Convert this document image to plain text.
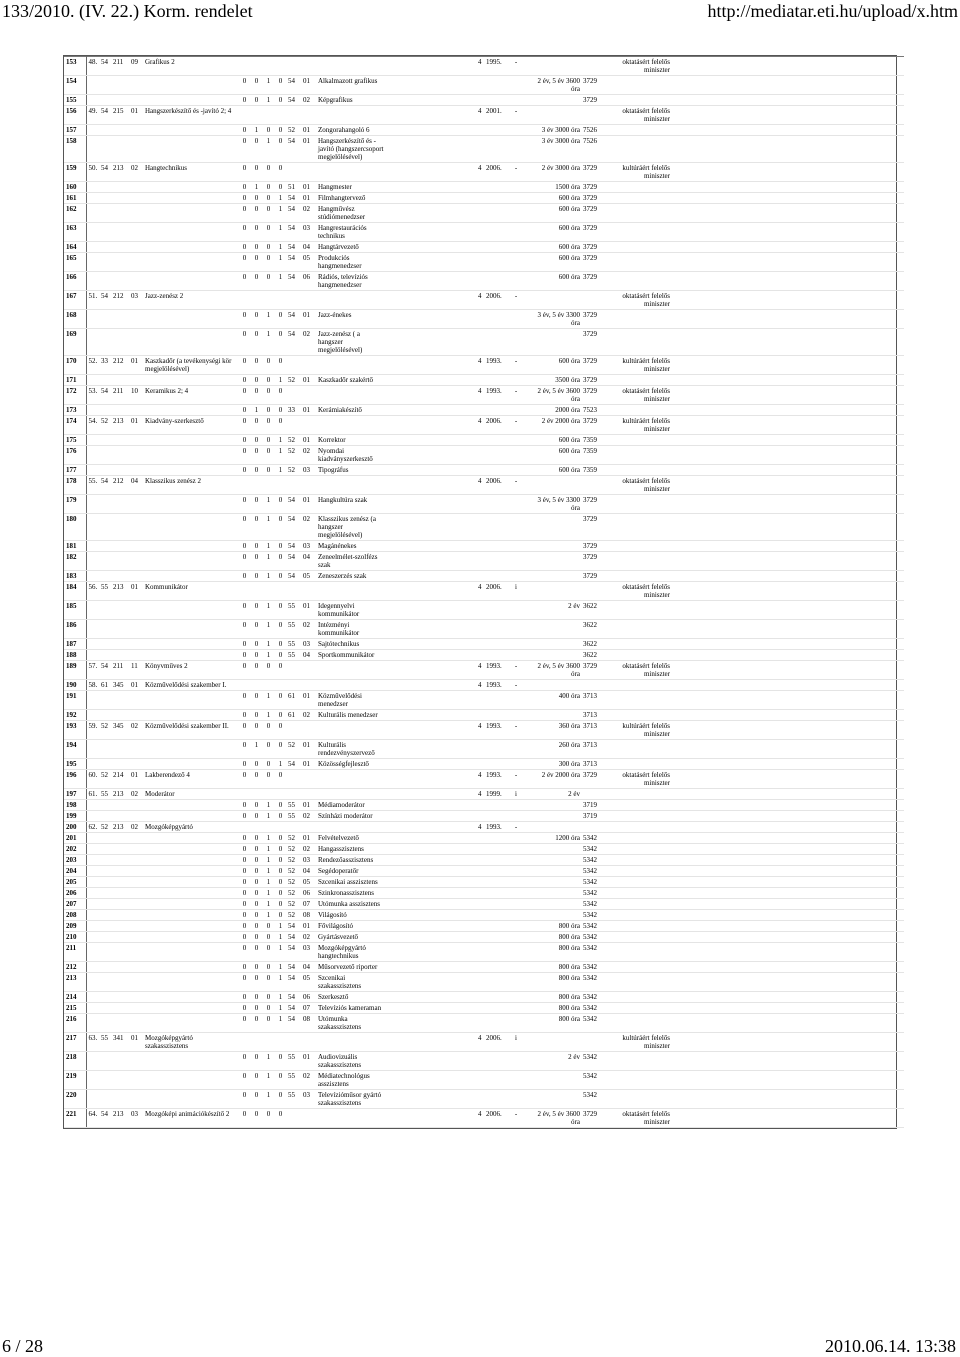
133/2010. (IV. 22.) Korm. rendelet	http://mediatar.eti.hu/upload/x.htm
153	48.	54	211	09	Grafikus 2									4	1995.	-			oktatásért felelős miniszter	
154						0	0	1	0	54	01	Alkalmazott grafikus					2 év, 5 év 3600 óra	3729		
155						0	0	1	0	54	02	Képgrafikus						3729		
156	49.	54	215	01	Hangszerkészítő és -javító 2; 4									4	2001.	-			oktatásért felelős miniszter	
157						0	1	0	0	52	01	Zongorahangoló 6					3 év 3000 óra	7526		
158						0	0	1	0	54	01	Hangszerkészítő és -javító (hangszercsoport megjelölésével)					3 év 3000 óra	7526		
159	50.	54	213	02	Hangtechnikus	0	0	0	0					4	2006.	-	2 év 3000 óra	3729	kultúráért felelős miniszter	
160						0	1	0	0	51	01	Hangmester					1500 óra	3729		
161						0	0	0	1	54	01	Filmhangtervező					600 óra	3729		
162						0	0	0	1	54	02	Hangművész stúdiómenedzser					600 óra	3729		
163						0	0	0	1	54	03	Hangrestaurációs technikus					600 óra	3729		
164						0	0	0	1	54	04	Hangtárvezető					600 óra	3729		
165						0	0	0	1	54	05	Produkciós hangmenedzser					600 óra	3729		
166						0	0	0	1	54	06	Rádiós, televíziós hangmenedzser					600 óra	3729		
167	51.	54	212	03	Jazz-zenész 2									4	2006.	-			oktatásért felelős miniszter	
168						0	0	1	0	54	01	Jazz-énekes					3 év, 5 év 3300 óra	3729		
169						0	0	1	0	54	02	Jazz-zenész ( a hangszer megjelölésével)						3729		
170	52.	33	212	01	Kaszkadőr (a tevékenységi kör megjelölésével)	0	0	0	0					4	1993.	-	600 óra	3729	kultúráért felelős miniszter	
171						0	0	0	1	52	01	Kaszkadőr szakértő					3500 óra	3729		
172	53.	54	211	10	Keramikus 2; 4	0	0	0	0					4	1993.	-	2 év, 5 év 3600 óra	3729	oktatásért felelős miniszter	
173						0	1	0	0	33	01	Kerámiakészítő					2000 óra	7523		
174	54.	52	213	01	Kiadvány-szerkesztő	0	0	0	0					4	2006.	-	2 év 2000 óra	3729	kultúráért felelős miniszter	
175						0	0	0	1	52	01	Korrektor					600 óra	7359		
176						0	0	0	1	52	02	Nyomdai kiadványszerkesztő					600 óra	7359		
177						0	0	0	1	52	03	Tipográfus					600 óra	7359		
178	55.	54	212	04	Klasszikus zenész 2									4	2006.	-			oktatásért felelős miniszter	
179						0	0	1	0	54	01	Hangkultúra szak					3 év, 5 év 3300 óra	3729		
180						0	0	1	0	54	02	Klasszikus zenész (a hangszer megjelölésével)						3729		
181						0	0	1	0	54	03	Magánénekes						3729		
182						0	0	1	0	54	04	Zeneelmélet-szolfézs szak						3729		
183						0	0	1	0	54	05	Zeneszerzés szak						3729		
184	56.	55	213	01	Kommunikátor									4	2006.	i			oktatásért felelős miniszter	
185						0	0	1	0	55	01	Idegennyelvi kommunikátor					2 év	3622		
186						0	0	1	0	55	02	Intézményi kommunikátor						3622		
187						0	0	1	0	55	03	Sajtótechnikus						3622		
188						0	0	1	0	55	04	Sportkommunikátor						3622		
189	57.	54	211	11	Könyvműves 2	0	0	0	0					4	1993.	-	2 év, 5 év 3600 óra	3729	oktatásért felelős miniszter	
190	58.	61	345	01	Közművelődési szakember I.									4	1993.	-				
191						0	0	1	0	61	01	Közművelődési menedzser					400 óra	3713		
192						0	0	1	0	61	02	Kulturális menedzser						3713		
193	59.	52	345	02	Közművelődési szakember II.	0	0	0	0					4	1993.	-	360 óra	3713	kultúráért felelős miniszter	
194						0	1	0	0	52	01	Kulturális rendezvényszervező					260 óra	3713		
195						0	0	0	1	54	01	Közösségfejlesztő					300 óra	3713		
196	60.	52	214	01	Lakberendező 4	0	0	0	0					4	1993.	-	2 év 2000 óra	3729	oktatásért felelős miniszter	
197	61.	55	213	02	Moderátor									4	1999.	i	2 év			
198						0	0	1	0	55	01	Médiamoderátor						3719		
199						0	0	1	0	55	02	Színházi moderátor						3719		
200	62.	52	213	02	Mozgóképgyártó									4	1993.	-				
201						0	0	1	0	52	01	Felvételvezető					1200 óra	5342		
202						0	0	1	0	52	02	Hangasszisztens						5342		
203						0	0	1	0	52	03	Rendezőasszisztens						5342		
204						0	0	1	0	52	04	Segédoperatőr						5342		
205						0	0	1	0	52	05	Szcenikai asszisztens						5342		
206						0	0	1	0	52	06	Szinkronasszisztens						5342		
207						0	0	1	0	52	07	Utómunka asszisztens						5342		
208						0	0	1	0	52	08	Világosító						5342		
209						0	0	0	1	54	01	Fővilágosító					800 óra	5342		
210						0	0	0	1	54	02	Gyártásvezető					800 óra	5342		
211						0	0	0	1	54	03	Mozgóképgyártó hangtechnikus					800 óra	5342		
212						0	0	0	1	54	04	Műsorvezető riporter					800 óra	5342		
213						0	0	0	1	54	05	Szcenikai szakasszisztens					800 óra	5342		
214						0	0	0	1	54	06	Szerkesztő					800 óra	5342		
215						0	0	0	1	54	07	Televíziós kameraman					800 óra	5342		
216						0	0	0	1	54	08	Utómunka szakasszisztens					800 óra	5342		
217	63.	55	341	01	Mozgóképgyártó szakasszisztens									4	2006.	i			kultúráért felelős miniszter	
218						0	0	1	0	55	01	Audiovizuális szakasszisztens					2 év	5342		
219						0	0	1	0	55	02	Médiatechnológus asszisztens						5342		
220						0	0	1	0	55	03	Televízióműsor gyártó szakasszisztens						5342		
221	64.	54	213	03	Mozgóképi animációkészítő 2	0	0	0	0					4	2006.	-	2 év, 5 év 3600 óra	3729	oktatásért felelős miniszter	
6 / 28	2010.06.14. 13:38
